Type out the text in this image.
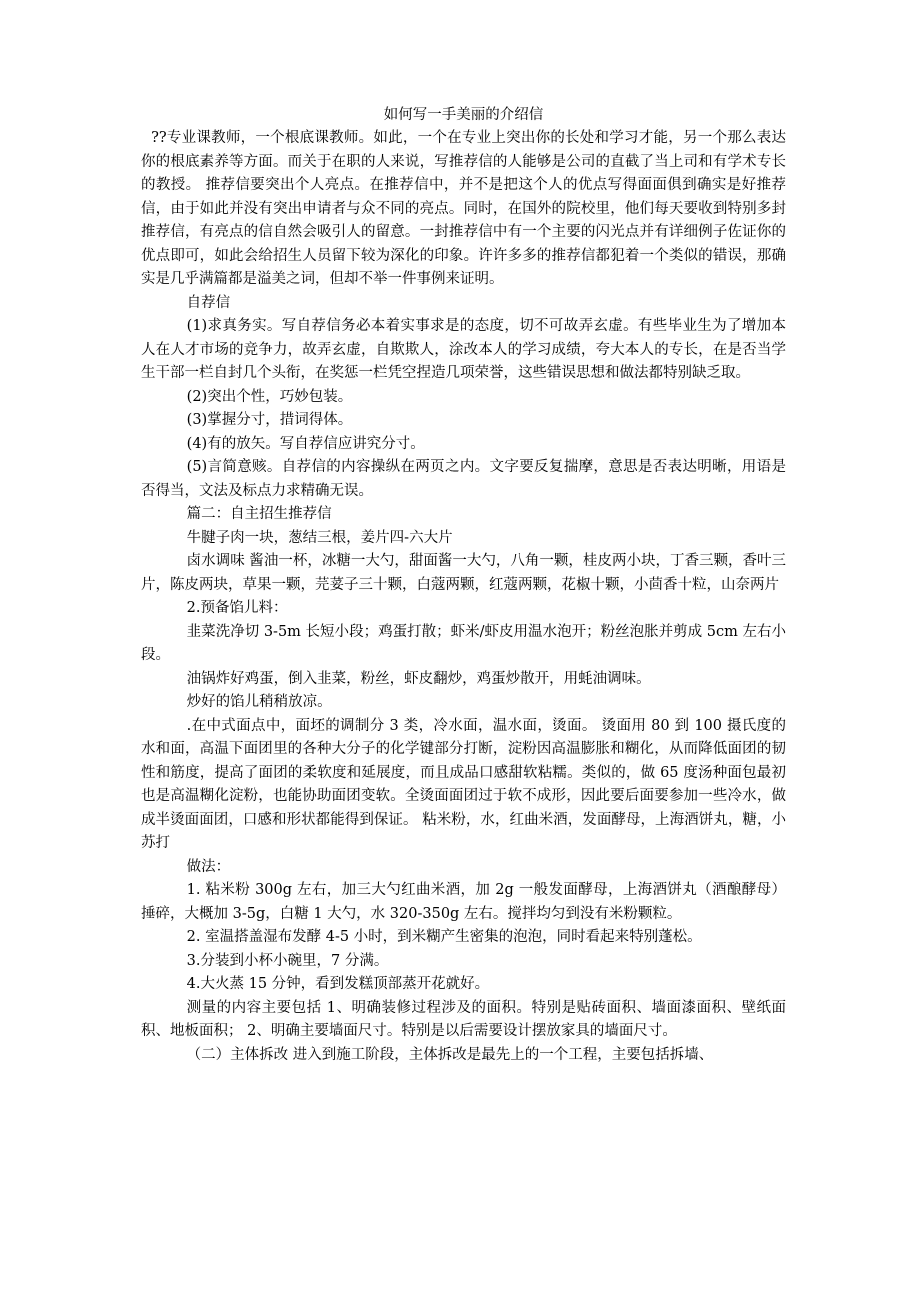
如何写一手美丽的介绍信

??专业课教师，一个根底课教师。如此，一个在专业上突出你的长处和学习才能，另一个那么表达你的根底素养等方面。而关于在职的人来说，写推荐信的人能够是公司的直截了当上司和有学术专长的教授。 推荐信要突出个人亮点。在推荐信中，并不是把这个人的优点写得面面俱到确实是好推荐信，由于如此并没有突出申请者与众不同的亮点。同时，在国外的院校里，他们每天要收到特别多封推荐信，有亮点的信自然会吸引人的留意。一封推荐信中有一个主要的闪光点并有详细例子佐证你的优点即可，如此会给招生人员留下较为深化的印象。许许多多的推荐信都犯着一个类似的错误，那确实是几乎满篇都是溢美之词，但却不举一件事例来证明。

自荐信

(1)求真务实。写自荐信务必本着实事求是的态度，切不可故弄玄虚。有些毕业生为了增加本人在人才市场的竞争力，故弄玄虚，自欺欺人，涂改本人的学习成绩，夸大本人的专长，在是否当学生干部一栏自封几个头衔，在奖惩一栏凭空捏造几项荣誉，这些错误思想和做法都特别缺乏取。

(2)突出个性，巧妙包装。

(3)掌握分寸，措词得体。

(4)有的放矢。写自荐信应讲究分寸。

(5)言简意赅。自荐信的内容操纵在两页之内。文字要反复揣摩，意思是否表达明晰，用语是否得当，文法及标点力求精确无误。

篇二：自主招生推荐信

牛腱子肉一块，葱结三根，姜片四-六大片

卤水调味 酱油一杯，冰糖一大勺，甜面酱一大勺，八角一颗，桂皮两小块，丁香三颗，香叶三片，陈皮两块，草果一颗，芫荽子三十颗，白蔻两颗，红蔻两颗，花椒十颗，小茴香十粒，山奈两片

2.预备馅儿料：

韭菜洗净切 3-5m 长短小段；鸡蛋打散；虾米/虾皮用温水泡开；粉丝泡胀并剪成 5cm 左右小段。

油锅炸好鸡蛋，倒入韭菜，粉丝，虾皮翻炒，鸡蛋炒散开，用蚝油调味。

炒好的馅儿稍稍放凉。

.在中式面点中，面坯的调制分 3 类，冷水面，温水面，烫面。 烫面用 80 到 100 摄氏度的水和面，高温下面团里的各种大分子的化学键部分打断，淀粉因高温膨胀和糊化，从而降低面团的韧性和筋度，提高了面团的柔软度和延展度，而且成品口感甜软粘糯。类似的，做 65 度汤种面包最初也是高温糊化淀粉，也能协助面团变软。全烫面面团过于软不成形，因此要后面要参加一些冷水，做成半烫面面团，口感和形状都能得到保证。 粘米粉，水，红曲米酒，发面酵母，上海酒饼丸，糖，小苏打

做法：

1. 粘米粉 300g 左右，加三大勺红曲米酒，加 2g 一般发面酵母，上海酒饼丸（酒酿酵母）捶碎，大概加 3-5g，白糖 1 大勺，水 320-350g 左右。搅拌均匀到没有米粉颗粒。

2. 室温搭盖湿布发酵 4-5 小时，到米糊产生密集的泡泡，同时看起来特别蓬松。

3.分装到小杯小碗里，7 分满。

4.大火蒸 15 分钟，看到发糕顶部蒸开花就好。

测量的内容主要包括 1、明确装修过程涉及的面积。特别是贴砖面积、墙面漆面积、壁纸面积、地板面积； 2、明确主要墙面尺寸。特别是以后需要设计摆放家具的墙面尺寸。

（二）主体拆改 进入到施工阶段，主体拆改是最先上的一个工程，主要包括拆墙、
